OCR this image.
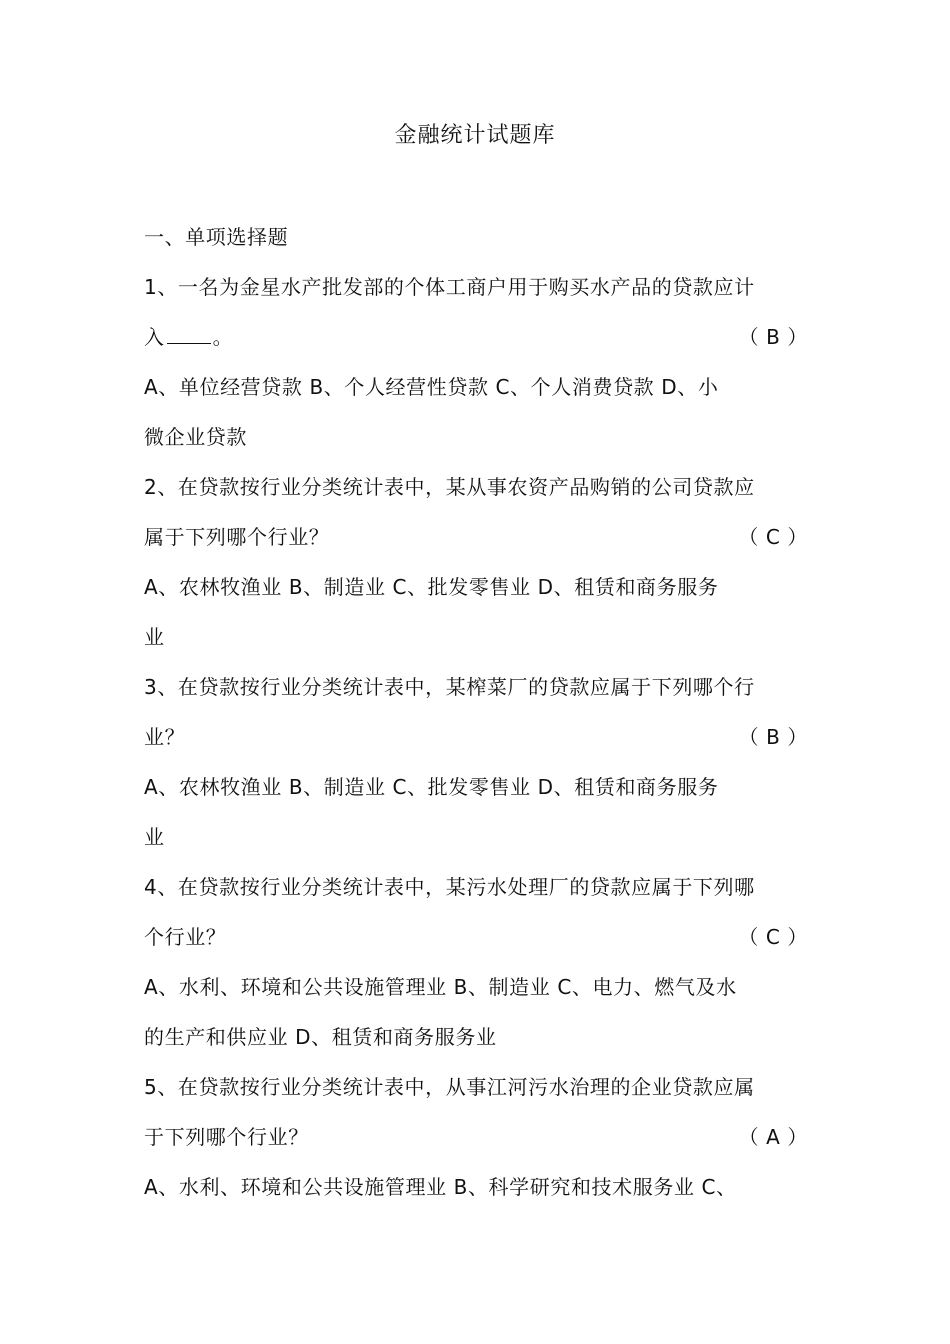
金融统计试题库
一、单项选择题
1、一名为金星水产批发部的个体工商户用于购买水产品的贷款应计
入 。	（ B ）
A、单位经营贷款 B、个人经营性贷款 C、个人消费贷款 D、小
微企业贷款
2、在贷款按行业分类统计表中，某从事农资产品购销的公司贷款应
属于下列哪个行业？	（ C ）
A、农林牧渔业 B、制造业 C、批发零售业 D、租赁和商务服务
业
3、在贷款按行业分类统计表中，某榨菜厂的贷款应属于下列哪个行
业？	（ B ）
A、农林牧渔业 B、制造业 C、批发零售业 D、租赁和商务服务
业
4、在贷款按行业分类统计表中，某污水处理厂的贷款应属于下列哪
个行业？	（ C ）
A、水利、环境和公共设施管理业 B、制造业 C、电力、燃气及水
的生产和供应业 D、租赁和商务服务业
5、在贷款按行业分类统计表中，从事江河污水治理的企业贷款应属
于下列哪个行业？	（ A ）
A、水利、环境和公共设施管理业 B、科学研究和技术服务业 C、
